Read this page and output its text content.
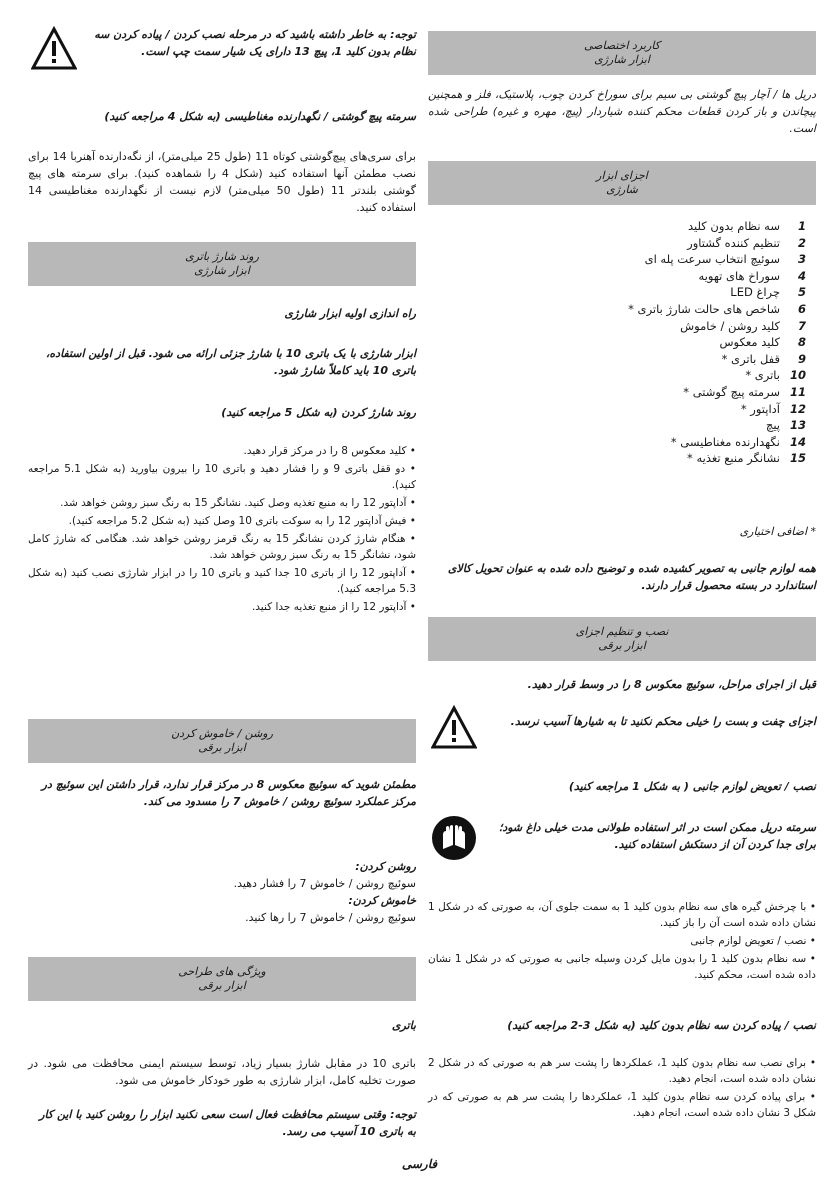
کاربرد اختصاصی
ابزار شارژی
دریل ها / آچار پیچ گوشتی بی سیم برای سوراخ کردن چوب، پلاستیک، فلز و همچنین پیچاندن و باز کردن قطعات محکم کننده شیاردار (پیچ، مهره و غیره) طراحی شده است.
اجزای ابزار
شارژی
1
سه نظام بدون کلید
2
تنظیم کننده گشتاور
3
سوئیچ انتخاب سرعت پله ای
4
سوراخ های تهویه
5
چراغ LED
6
شاخص های حالت شارژ باتری *
7
کلید روشن / خاموش
8
کلید معکوس
9
قفل باتری *
10
باتری *
11
سرمته پیچ گوشتی *
12
آداپتور *
13
پیچ
14
نگهدارنده مغناطیسی *
15
نشانگر منبع تغذیه *
* اضافی اختیاری
همه لوازم جانبی به تصویر کشیده شده و توضیح داده شده به عنوان تحویل کالای استاندارد در بسته محصول قرار دارند.
نصب و تنظیم اجزای
ابزار برقی
قبل از اجرای مراحل، سوئیچ معکوس 8 را در وسط قرار دهید.
اجزای چفت و بست را خیلی محکم نکنید تا به شیارها آسیب نرسد.
نصب / تعویض لوازم جانبی ( به شکل 1 مراجعه کنید)
سرمته دریل ممکن است در اثر استفاده طولانی مدت خیلی داغ شود؛ برای جدا کردن آن از دستکش استفاده کنید.
• با چرخش گیره های سه نظام بدون کلید 1 به سمت جلوی آن، به صورتی که در شکل 1 نشان داده شده است آن را باز کنید.
• نصب / تعویض لوازم جانبی
• سه نظام بدون کلید 1 را بدون مایل کردن وسیله جانبی به صورتی که در شکل 1 نشان داده شده است، محکم کنید.
نصب / پیاده کردن سه نظام بدون کلید (به شکل 3-2 مراجعه کنید)
• برای نصب سه نظام بدون کلید 1، عملکردها را پشت سر هم به صورتی که در شکل 2 نشان داده شده است، انجام دهید.
• برای پیاده کردن سه نظام بدون کلید 1، عملکردها را پشت سر هم به صورتی که در شکل 3 نشان داده شده است، انجام دهید.
توجه: به خاطر داشته باشید که در مرحله نصب کردن / پیاده کردن سه نظام بدون کلید 1، پیچ 13 دارای یک شیار سمت چپ است.
سرمته پیچ گوشتی / نگهدارنده مغناطیسی (به شکل 4 مراجعه کنید)
برای سری‌های پیچ‌گوشتی کوتاه 11 (طول 25 میلی‌متر)، از نگه‌دارنده آهنربا 14 برای نصب مطمئن آنها استفاده کنید (شکل 4 را شماهده کنید). برای سرمته های پیچ گوشتی بلندتر 11 (طول 50 میلی‌متر) لازم نیست از نگهدارنده مغناطیسی 14 استفاده کنید.
روند شارژ باتری
ابزار شارژی
راه اندازی اولیه ابزار شارژی
ابزار شارژی با یک باتری 10 با شارژ جزئی ارائه می شود. قبل از اولین استفاده، باتری 10 باید کاملاً شارژ شود.
روند شارژ کردن (به شکل 5 مراجعه کنید)
• کلید معکوس 8 را در مرکز قرار دهید.
• دو قفل باتری 9 و را فشار دهید و باتری 10 را بیرون بیاورید (به شکل 5.1 مراجعه کنید).
• آداپتور 12 را به منبع تغذیه وصل کنید. نشانگر 15 به رنگ سبز روشن خواهد شد.
• فیش آداپتور 12 را به سوکت باتری 10 وصل کنید (به شکل 5.2 مراجعه کنید).
• هنگام شارژ کردن نشانگر 15 به رنگ قرمز روشن خواهد شد. هنگامی که شارژ کامل شود، نشانگر 15 به رنگ سبز روشن خواهد شد.
• آداپتور 12 را از باتری 10 جدا کنید و باتری 10 را در ابزار شارژی نصب کنید (به شکل 5.3 مراجعه کنید).
• آداپتور 12 را از منبع تغذیه جدا کنید.
روشن / خاموش کردن
ابزار برقی
مطمئن شوید که سوئیچ معکوس 8 در مرکز قرار ندارد، قرار داشتن این سوئیچ در مرکز عملکرد سوئیچ روشن / خاموش 7 را مسدود می کند.
روشن کردن:
سوئیچ روشن / خاموش 7 را فشار دهید.
خاموش کردن:
سوئیچ روشن / خاموش 7 را رها کنید.
ویژگی های طراحی
ابزار برقی
باتری
باتری 10 در مقابل شارژ بسیار زیاد، توسط سیستم ایمنی محافظت می شود. در صورت تخلیه کامل، ابزار شارژی به طور خودکار خاموش می شود.
توجه: وقتی سیستم محافظت فعال است سعی نکنید ابزار را روشن کنید با این کار به باتری 10 آسیب می رسد.
فارسی
